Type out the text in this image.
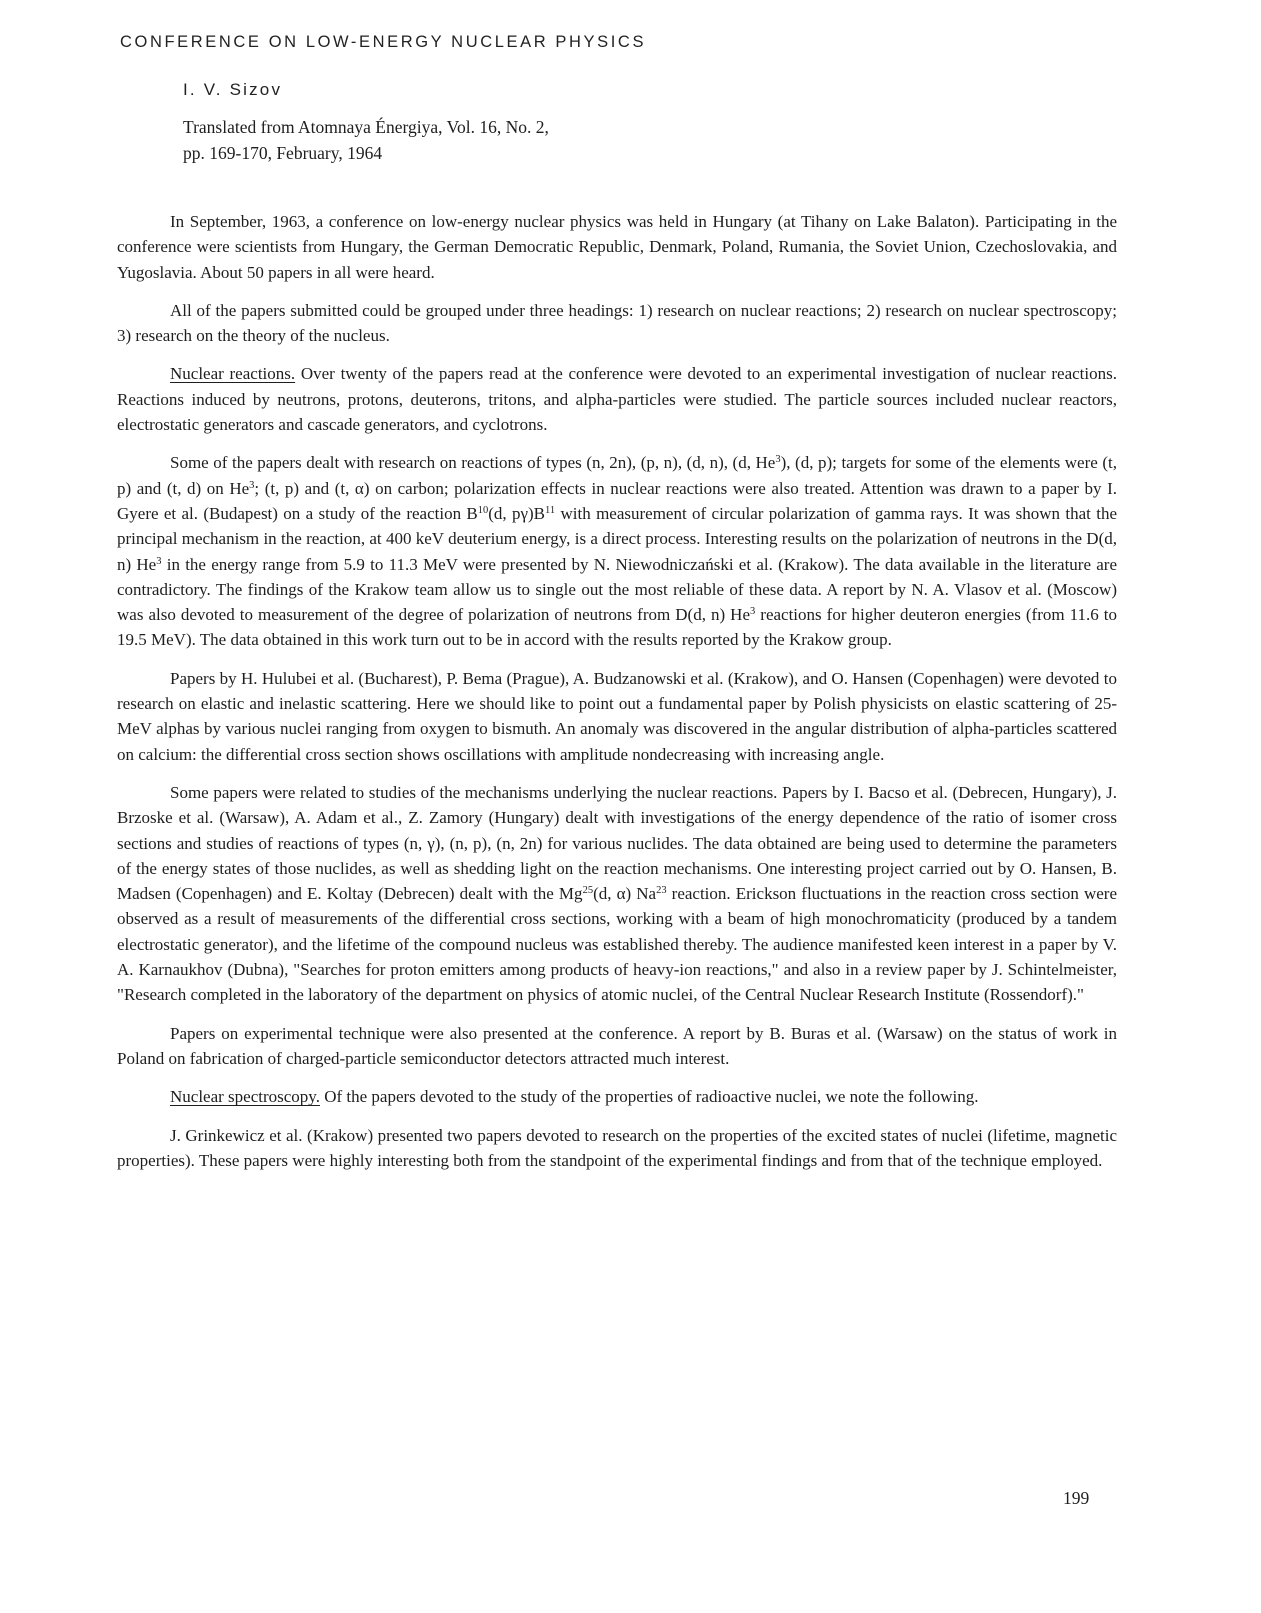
CONFERENCE ON LOW-ENERGY NUCLEAR PHYSICS
I. V. Sizov
Translated from Atomnaya Énergiya, Vol. 16, No. 2,
pp. 169-170, February, 1964

In September, 1963, a conference on low-energy nuclear physics was held in Hungary (at Tihany on Lake Balaton). Participating in the conference were scientists from Hungary, the German Democratic Republic, Denmark, Poland, Rumania, the Soviet Union, Czechoslovakia, and Yugoslavia. About 50 papers in all were heard.

All of the papers submitted could be grouped under three headings: 1) research on nuclear reactions; 2) research on nuclear spectroscopy; 3) research on the theory of the nucleus.

Nuclear reactions. Over twenty of the papers read at the conference were devoted to an experimental investigation of nuclear reactions. Reactions induced by neutrons, protons, deuterons, tritons, and alpha-particles were studied. The particle sources included nuclear reactors, electrostatic generators and cascade generators, and cyclotrons.

Some of the papers dealt with research on reactions of types (n, 2n), (p, n), (d, n), (d, He$^3$), (d, p); targets for some of the elements were (t, p) and (t, d) on He$^3$; (t, p) and (t, α) on carbon; polarization effects in nuclear reactions were also treated. Attention was drawn to a paper by I. Gyere et al. (Budapest) on a study of the reaction $B^{10}(d$, $p\gamma)B^{11}$ with measurement of circular polarization of gamma rays. It was shown that the principal mechanism in the reaction, at 400 keV deuterium energy, is a direct process. Interesting results on the polarization of neutrons in the D(d, n) He$^3$ in the energy range from 5.9 to 11.3 MeV were presented by N. Niewodniczański et al. (Krakow). The data available in the literature are contradictory. The findings of the Krakow team allow us to single out the most reliable of these data. A report by N. A. Vlasov et al. (Moscow) was also devoted to measurement of the degree of polarization of neutrons from D(d, n) He$^3$ reactions for higher deuteron energies (from 11.6 to 19.5 MeV). The data obtained in this work turn out to be in accord with the results reported by the Krakow group.

Papers by H. Hulubei et al. (Bucharest), P. Bema (Prague), A. Budzanowski et al. (Krakow), and O. Hansen (Copenhagen) were devoted to research on elastic and inelastic scattering. Here we should like to point out a fundamental paper by Polish physicists on elastic scattering of 25-MeV alphas by various nuclei ranging from oxygen to bismuth. An anomaly was discovered in the angular distribution of alpha-particles scattered on calcium: the differential cross section shows oscillations with amplitude nondecreasing with increasing angle.

Some papers were related to studies of the mechanisms underlying the nuclear reactions. Papers by I. Bacso et al. (Debrecen, Hungary), J. Brzoske et al. (Warsaw), A. Adam et al., Z. Zamory (Hungary) dealt with investigations of the energy dependence of the ratio of isomer cross sections and studies of reactions of types (n, γ), (n, p), (n, 2n) for various nuclides. The data obtained are being used to determine the parameters of the energy states of those nuclides, as well as shedding light on the reaction mechanisms. One interesting project carried out by O. Hansen, B. Madsen (Copenhagen) and E. Koltay (Debrecen) dealt with the Mg$^{25}$(d, α) Na$^{23}$ reaction. Erickson fluctuations in the reaction cross section were observed as a result of measurements of the differential cross sections, working with a beam of high monochromaticity (produced by a tandem electrostatic generator), and the lifetime of the compound nucleus was established thereby. The audience manifested keen interest in a paper by V. A. Karnaukhov (Dubna), "Searches for proton emitters among products of heavy-ion reactions," and also in a review paper by J. Schintelmeister, "Research completed in the laboratory of the department on physics of atomic nuclei, of the Central Nuclear Research Institute (Rossendorf)."

Papers on experimental technique were also presented at the conference. A report by B. Buras et al. (Warsaw) on the status of work in Poland on fabrication of charged-particle semiconductor detectors attracted much interest.

Nuclear spectroscopy. Of the papers devoted to the study of the properties of radioactive nuclei, we note the following.

J. Grinkewicz et al. (Krakow) presented two papers devoted to research on the properties of the excited states of nuclei (lifetime, magnetic properties). These papers were highly interesting both from the standpoint of the experimental findings and from that of the technique employed.

199
